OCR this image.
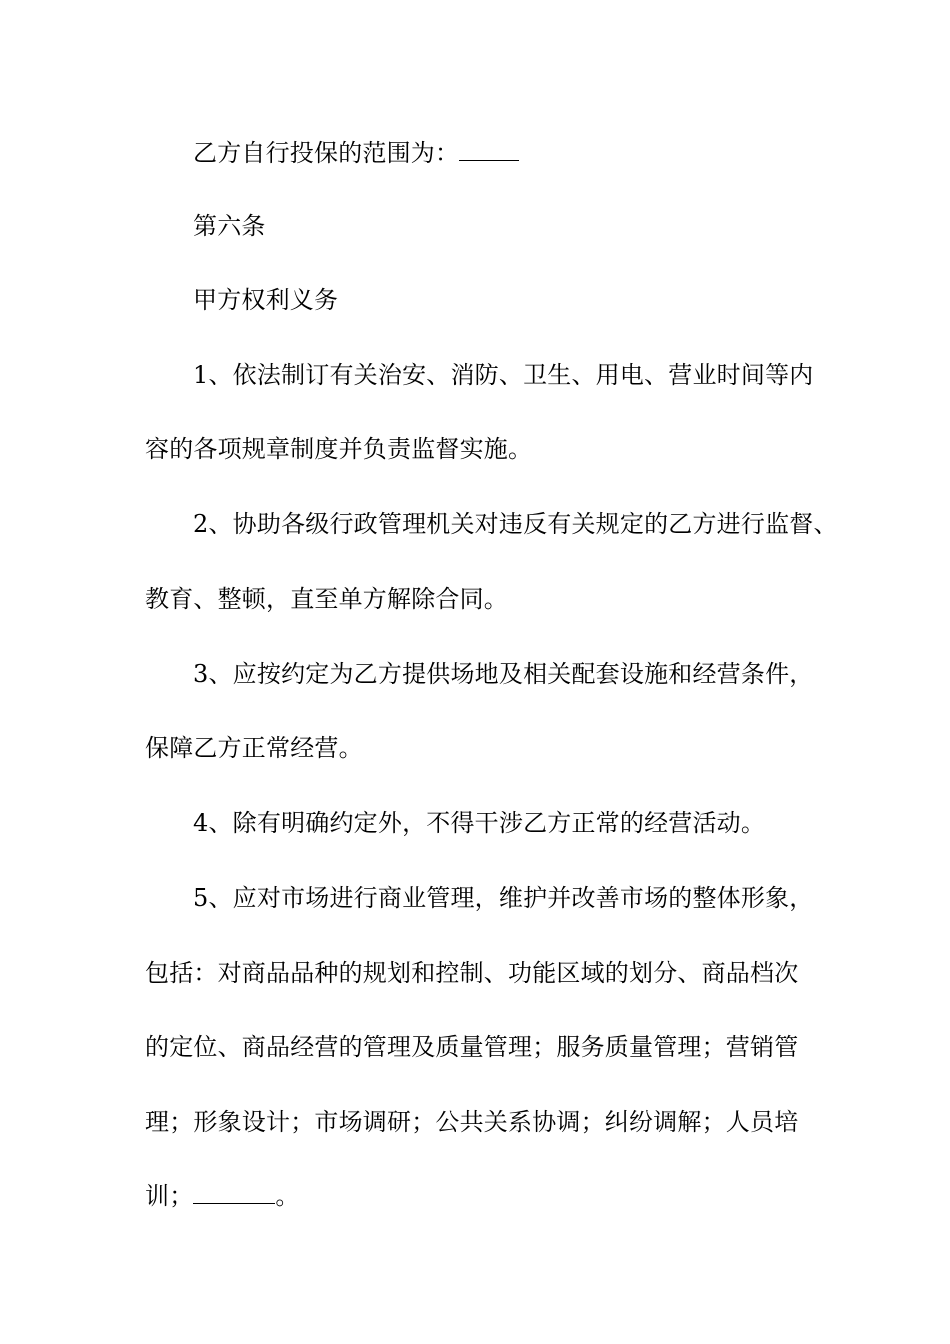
乙方自行投保的范围为：
第六条
甲方权利义务
1、依法制订有关治安、消防、卫生、用电、营业时间等内
容的各项规章制度并负责监督实施。
2、协助各级行政管理机关对违反有关规定的乙方进行监督、
教育、整顿，直至单方解除合同。
3、应按约定为乙方提供场地及相关配套设施和经营条件，
保障乙方正常经营。
4、除有明确约定外，不得干涉乙方正常的经营活动。
5、应对市场进行商业管理，维护并改善市场的整体形象，
包括：对商品品种的规划和控制、功能区域的划分、商品档次
的定位、商品经营的管理及质量管理；服务质量管理；营销管
理；形象设计；市场调研；公共关系协调；纠纷调解；人员培
训；	。
